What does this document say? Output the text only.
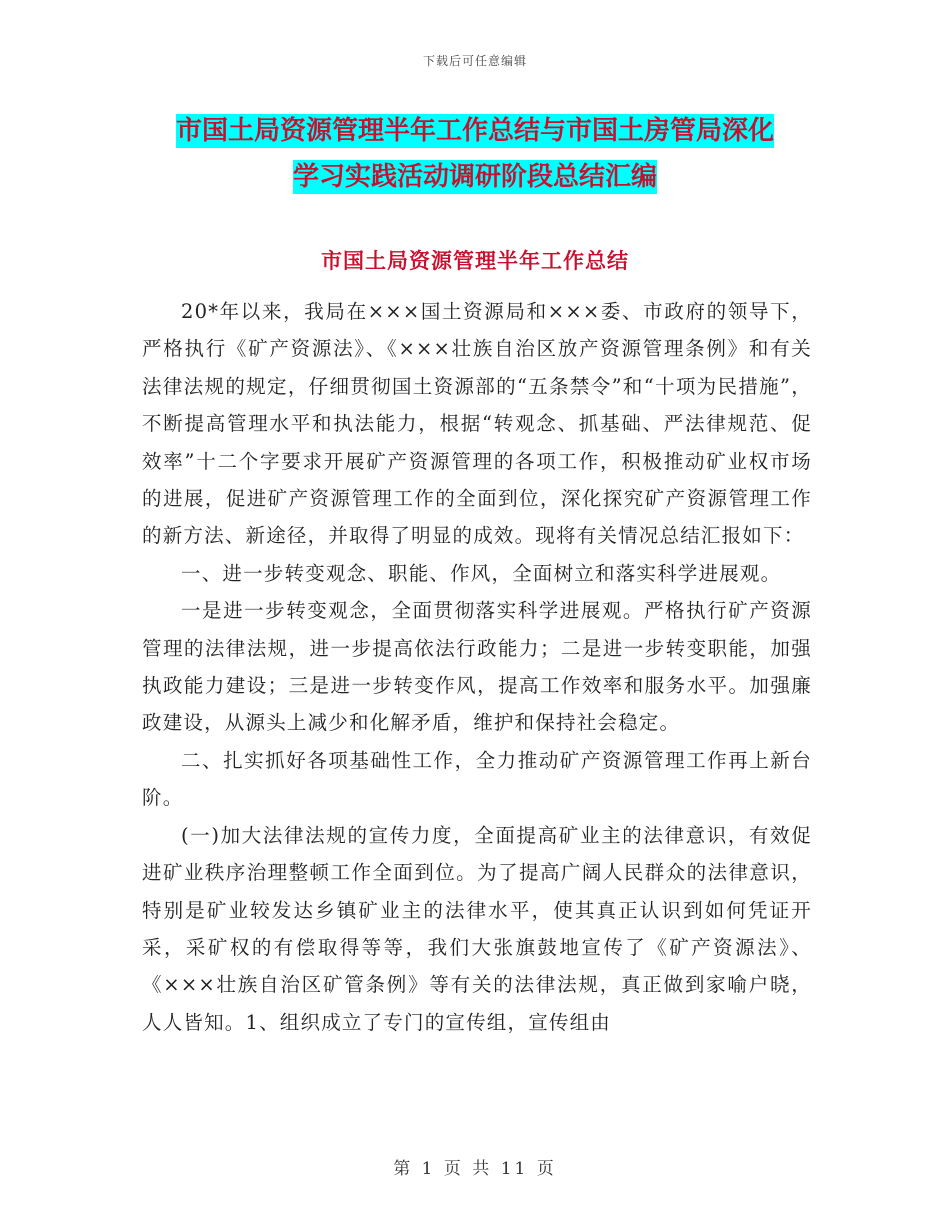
下载后可任意编辑
市国土局资源管理半年工作总结与市国土房管局深化
学习实践活动调研阶段总结汇编
市国土局资源管理半年工作总结

20*年以来，我局在×××国土资源局和×××委、市政府的领导下，严格执行《矿产资源法》、《×××壮族自治区放产资源管理条例》和有关法律法规的规定，仔细贯彻国土资源部的“五条禁令”和“十项为民措施”，不断提高管理水平和执法能力，根据“转观念、抓基础、严法律规范、促效率”十二个字要求开展矿产资源管理的各项工作，积极推动矿业权市场的进展，促进矿产资源管理工作的全面到位，深化探究矿产资源管理工作的新方法、新途径，并取得了明显的成效。现将有关情况总结汇报如下：

一、进一步转变观念、职能、作风，全面树立和落实科学进展观。

一是进一步转变观念，全面贯彻落实科学进展观。严格执行矿产资源管理的法律法规，进一步提高依法行政能力；二是进一步转变职能，加强执政能力建设；三是进一步转变作风，提高工作效率和服务水平。加强廉政建设，从源头上减少和化解矛盾，维护和保持社会稳定。

二、扎实抓好各项基础性工作，全力推动矿产资源管理工作再上新台阶。

(一)加大法律法规的宣传力度，全面提高矿业主的法律意识，有效促进矿业秩序治理整顿工作全面到位。为了提高广阔人民群众的法律意识，特别是矿业较发达乡镇矿业主的法律水平，使其真正认识到如何凭证开采，采矿权的有偿取得等等，我们大张旗鼓地宣传了《矿产资源法》、《×××壮族自治区矿管条例》等有关的法律法规，真正做到家喻户晓，人人皆知。1、组织成立了专门的宣传组，宣传组由

第 1 页 共 11 页
